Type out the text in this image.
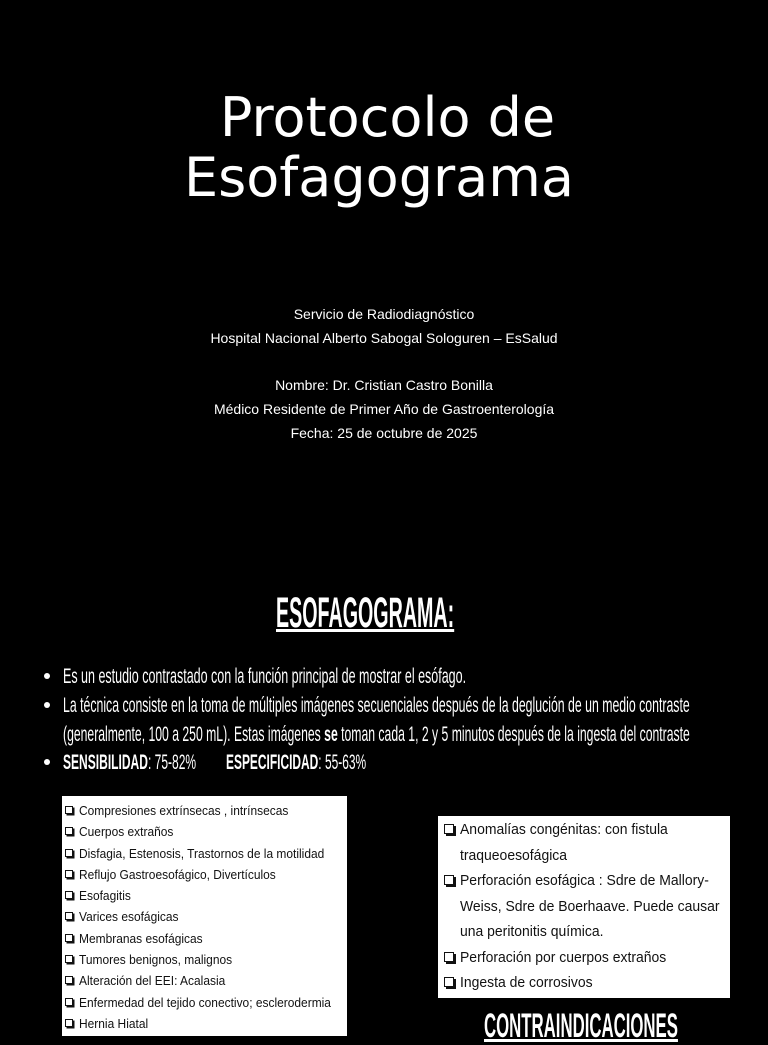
Protocolo de
Esofagograma
Servicio de Radiodiagnóstico
Hospital Nacional Alberto Sabogal Sologuren – EsSalud
Nombre: Dr. Cristian Castro Bonilla
Médico Residente de Primer Año de Gastroenterología
Fecha: 25 de octubre de 2025
ESOFAGOGRAMA:
Es un estudio contrastado con la función principal de mostrar el esófago.
La técnica consiste en la toma de múltiples imágenes secuenciales después de la deglución de un medio contraste
(generalmente, 100 a 250 mL). Estas imágenes se toman cada 1, 2 y 5 minutos después de la ingesta del contraste
SENSIBILIDAD: 75-82% ESPECIFICIDAD: 55-63%
Compresiones extrínsecas , intrínsecas
Cuerpos extraños
Disfagia, Estenosis, Trastornos de la motilidad
Reflujo Gastroesofágico, Divertículos
Esofagitis
Varices esofágicas
Membranas esofágicas
Tumores benignos, malignos
Alteración del EEI: Acalasia
Enfermedad del tejido conectivo; esclerodermia
Hernia Hiatal
Anomalías congénitas: con fistula
traqueoesofágica
Perforación esofágica : Sdre de Mallory-
Weiss, Sdre de Boerhaave. Puede causar
una peritonitis química.
Perforación por cuerpos extraños
Ingesta de corrosivos
CONTRAINDICACIONES
